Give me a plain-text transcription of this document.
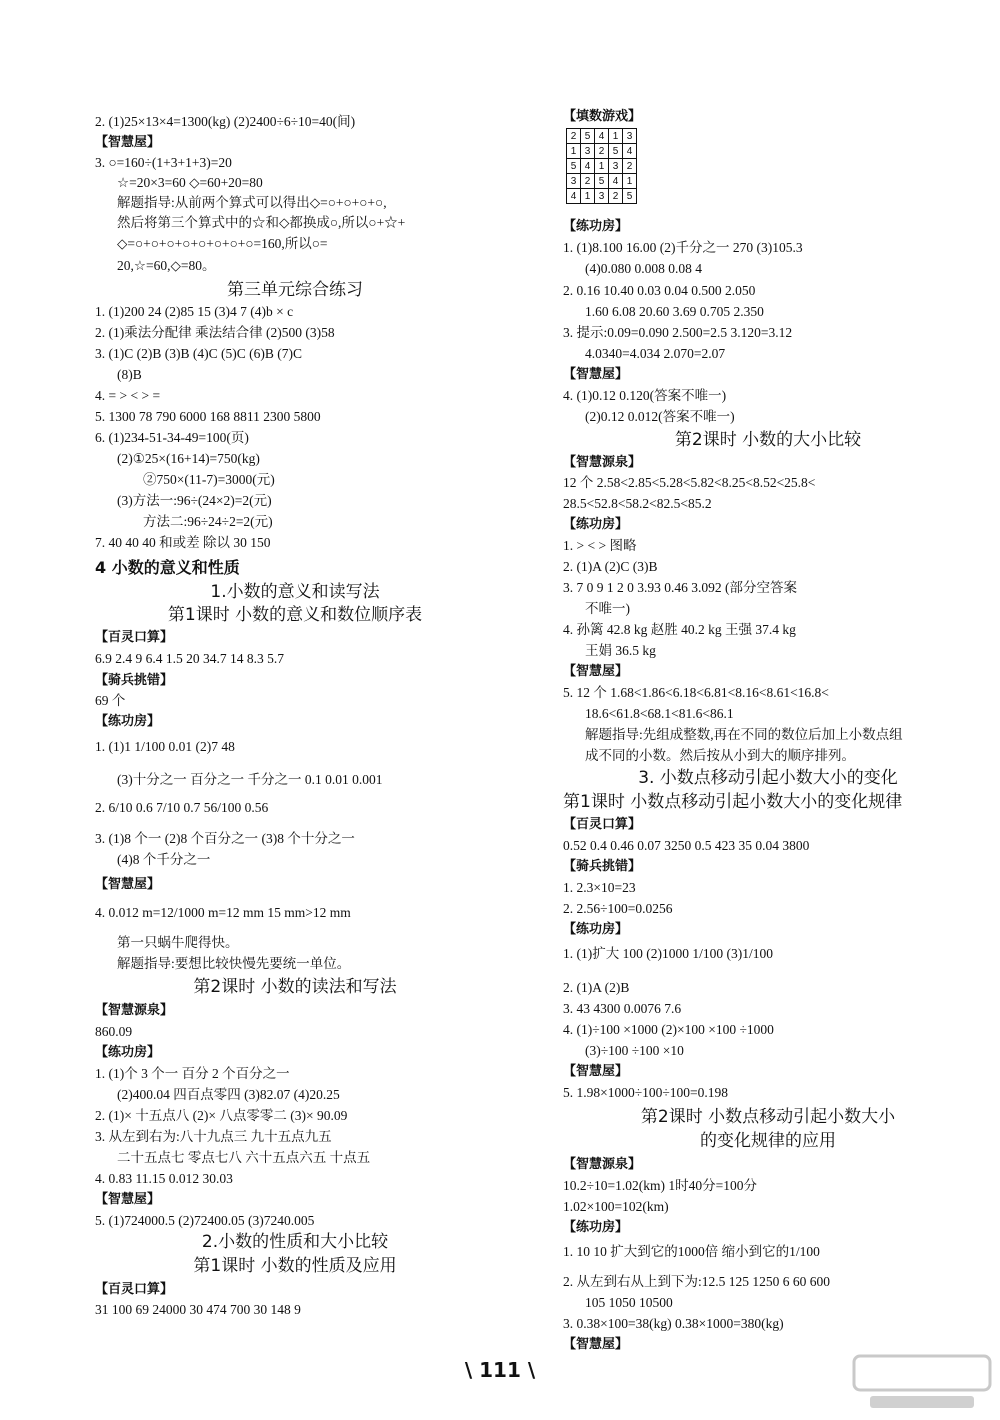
2. (1)25×13×4=1300(kg) (2)2400÷6÷10=40(间)
【智慧屋】
3. ○=160÷(1+3+1+3)=20
☆=20×3=60 ◇=60+20=80
解题指导:从前两个算式可以得出◇=○+○+○+○,
然后将第三个算式中的☆和◇都换成○,所以○+☆+
◇=○+○+○+○+○+○+○+○=160,所以○=
20,☆=60,◇=80。
第三单元综合练习
1. (1)200 24 (2)85 15 (3)4 7 (4)b × c
2. (1)乘法分配律 乘法结合律 (2)500 (3)58
3. (1)C (2)B (3)B (4)C (5)C (6)B (7)C
(8)B
4. = > < > =
5. 1300 78 790 6000 168 8811 2300 5800
6. (1)234-51-34-49=100(页)
(2)①25×(16+14)=750(kg)
②750×(11-7)=3000(元)
(3)方法一:96÷(24×2)=2(元)
方法二:96÷24÷2=2(元)
7. 40 40 40 和或差 除以 30 150
4 小数的意义和性质
1.小数的意义和读写法
第1课时 小数的意义和数位顺序表
【百灵口算】
6.9 2.4 9 6.4 1.5 20 34.7 14 8.3 5.7
【骑兵挑错】
69 个
【练功房】
1. (1)1 1/100 0.01 (2)7 48
(3)十分之一 百分之一 千分之一 0.1 0.01 0.001
2. 6/10 0.6 7/10 0.7 56/100 0.56
3. (1)8 个一 (2)8 个百分之一 (3)8 个十分之一
(4)8 个千分之一
【智慧屋】
4. 0.012 m=12/1000 m=12 mm 15 mm>12 mm
第一只蜗牛爬得快。
解题指导:要想比较快慢先要统一单位。
第2课时 小数的读法和写法
【智慧源泉】
860.09
【练功房】
1. (1)个 3 个一 百分 2 个百分之一
(2)400.04 四百点零四 (3)82.07 (4)20.25
2. (1)× 十五点八 (2)× 八点零零二 (3)× 90.09
3. 从左到右为:八十九点三 九十五点九五
二十五点七 零点七八 六十五点六五 十点五
4. 0.83 11.15 0.012 30.03
【智慧屋】
5. (1)724000.5 (2)72400.05 (3)7240.005
2.小数的性质和大小比较
第1课时 小数的性质及应用
【百灵口算】
31 100 69 24000 30 474 700 30 148 9
【填数游戏】
2	5	4	1	3
1	3	2	5	4
5	4	1	3	2
3	2	5	4	1
4	1	3	2	5
【练功房】
1. (1)8.100 16.00 (2)千分之一 270 (3)105.3
(4)0.080 0.008 0.08 4
2. 0.16 10.40 0.03 0.04 0.500 2.050
1.60 6.08 20.60 3.69 0.705 2.350
3. 提示:0.09=0.090 2.500=2.5 3.120=3.12
4.0340=4.034 2.070=2.07
【智慧屋】
4. (1)0.12 0.120(答案不唯一)
(2)0.12 0.012(答案不唯一)
第2课时 小数的大小比较
【智慧源泉】
12 个 2.58<2.85<5.28<5.82<8.25<8.52<25.8<
28.5<52.8<58.2<82.5<85.2
【练功房】
1. > < > 图略
2. (1)A (2)C (3)B
3. 7 0 9 1 2 0 3.93 0.46 3.092 (部分空答案
不唯一)
4. 孙篱 42.8 kg 赵胜 40.2 kg 王强 37.4 kg
王娟 36.5 kg
【智慧屋】
5. 12 个 1.68<1.86<6.18<6.81<8.16<8.61<16.8<
18.6<61.8<68.1<81.6<86.1
解题指导:先组成整数,再在不同的数位后加上小数点组
成不同的小数。然后按从小到大的顺序排列。
3. 小数点移动引起小数大小的变化
第1课时 小数点移动引起小数大小的变化规律
【百灵口算】
0.52 0.4 0.46 0.07 3250 0.5 423 35 0.04 3800
【骑兵挑错】
1. 2.3×10=23
2. 2.56÷100=0.0256
【练功房】
1. (1)扩大 100 (2)1000 1/100 (3)1/100
2. (1)A (2)B
3. 43 4300 0.0076 7.6
4. (1)÷100 ×1000 (2)×100 ×100 ÷1000
(3)÷100 ÷100 ×10
【智慧屋】
5. 1.98×1000÷100÷100=0.198
第2课时 小数点移动引起小数大小
的变化规律的应用
【智慧源泉】
10.2÷10=1.02(km) 1时40分=100分
1.02×100=102(km)
【练功房】
1. 10 10 扩大到它的1000倍 缩小到它的1/100
2. 从左到右从上到下为:12.5 125 1250 6 60 600
105 1050 10500
3. 0.38×100=38(kg) 0.38×1000=380(kg)
【智慧屋】
\ 111 \
